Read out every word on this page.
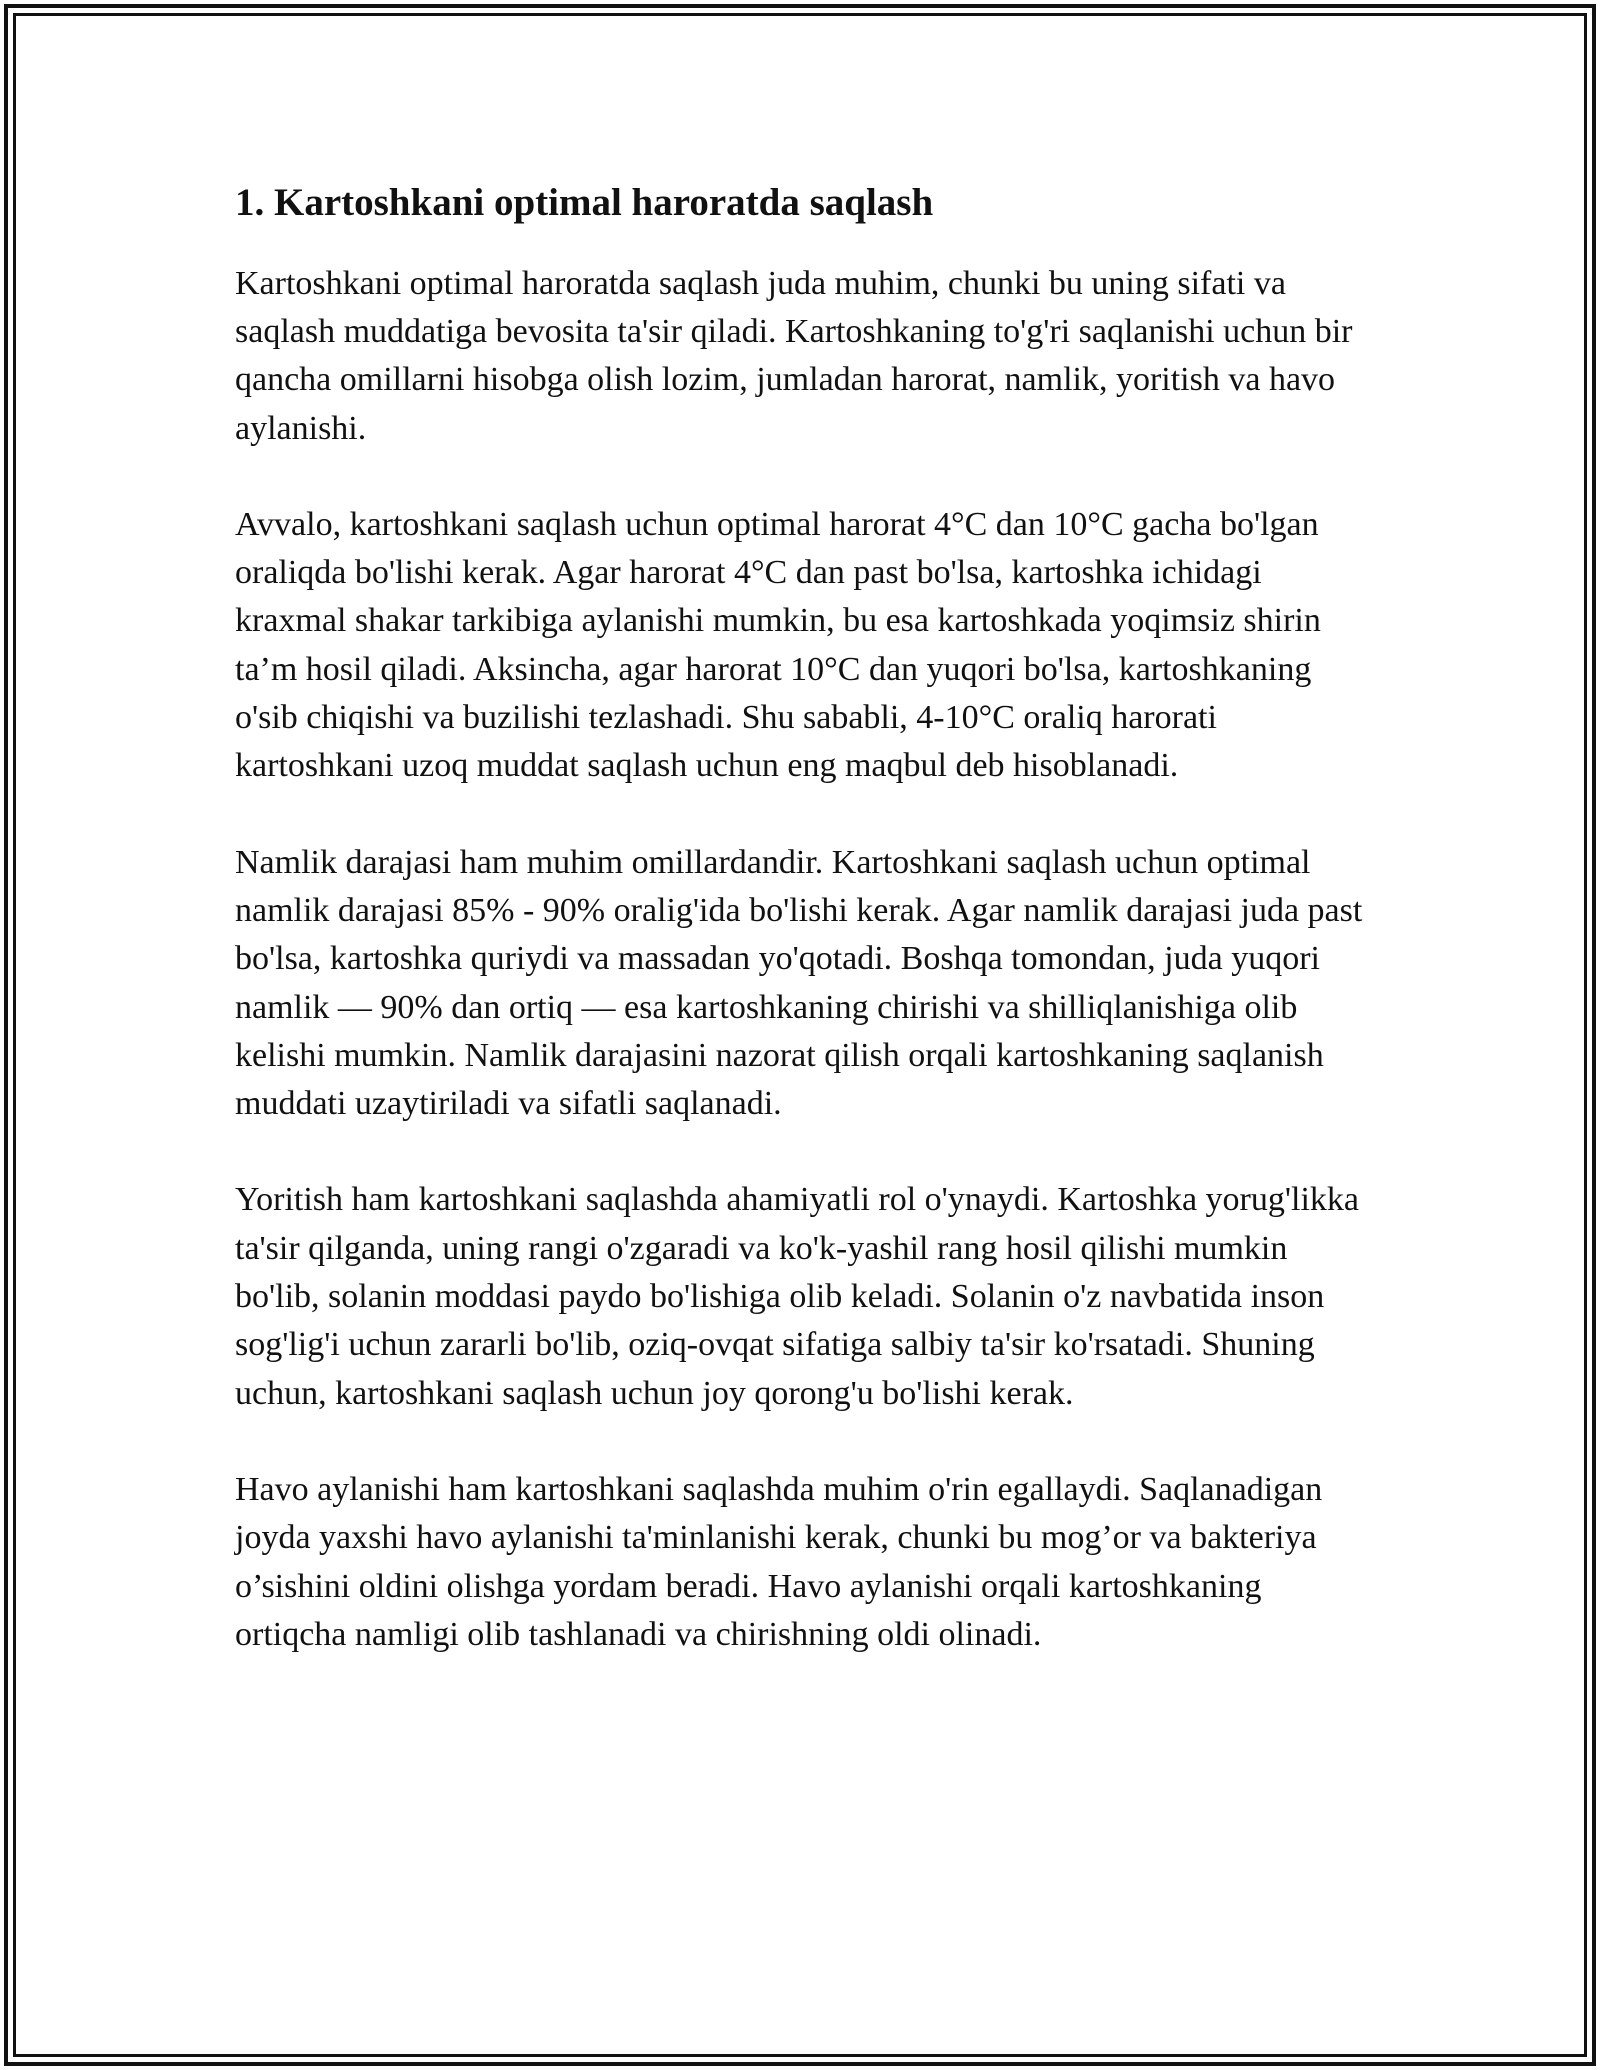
1. Kartoshkani optimal haroratda saqlash

Kartoshkani optimal haroratda saqlash juda muhim, chunki bu uning sifati va saqlash muddatiga bevosita ta'sir qiladi. Kartoshkaning to'g'ri saqlanishi uchun bir qancha omillarni hisobga olish lozim, jumladan harorat, namlik, yoritish va havo aylanishi.

Avvalo, kartoshkani saqlash uchun optimal harorat 4°C dan 10°C gacha bo'lgan oraliqda bo'lishi kerak. Agar harorat 4°C dan past bo'lsa, kartoshka ichidagi kraxmal shakar tarkibiga aylanishi mumkin, bu esa kartoshkada yoqimsiz shirin ta’m hosil qiladi. Aksincha, agar harorat 10°C dan yuqori bo'lsa, kartoshkaning o'sib chiqishi va buzilishi tezlashadi. Shu sababli, 4-10°C oraliq harorati kartoshkani uzoq muddat saqlash uchun eng maqbul deb hisoblanadi.

Namlik darajasi ham muhim omillardandir. Kartoshkani saqlash uchun optimal namlik darajasi 85% - 90% oralig'ida bo'lishi kerak. Agar namlik darajasi juda past bo'lsa, kartoshka quriydi va massadan yo'qotadi. Boshqa tomondan, juda yuqori namlik — 90% dan ortiq — esa kartoshkaning chirishi va shilliqlanishiga olib kelishi mumkin. Namlik darajasini nazorat qilish orqali kartoshkaning saqlanish muddati uzaytiriladi va sifatli saqlanadi.

Yoritish ham kartoshkani saqlashda ahamiyatli rol o'ynaydi. Kartoshka yorug'likka ta'sir qilganda, uning rangi o'zgaradi va ko'k-yashil rang hosil qilishi mumkin bo'lib, solanin moddasi paydo bo'lishiga olib keladi. Solanin o'z navbatida inson sog'lig'i uchun zararli bo'lib, oziq-ovqat sifatiga salbiy ta'sir ko'rsatadi. Shuning uchun, kartoshkani saqlash uchun joy qorong'u bo'lishi kerak.

Havo aylanishi ham kartoshkani saqlashda muhim o'rin egallaydi. Saqlanadigan joyda yaxshi havo aylanishi ta'minlanishi kerak, chunki bu mog’or va bakteriya o’sishini oldini olishga yordam beradi. Havo aylanishi orqali kartoshkaning ortiqcha namligi olib tashlanadi va chirishning oldi olinadi.
